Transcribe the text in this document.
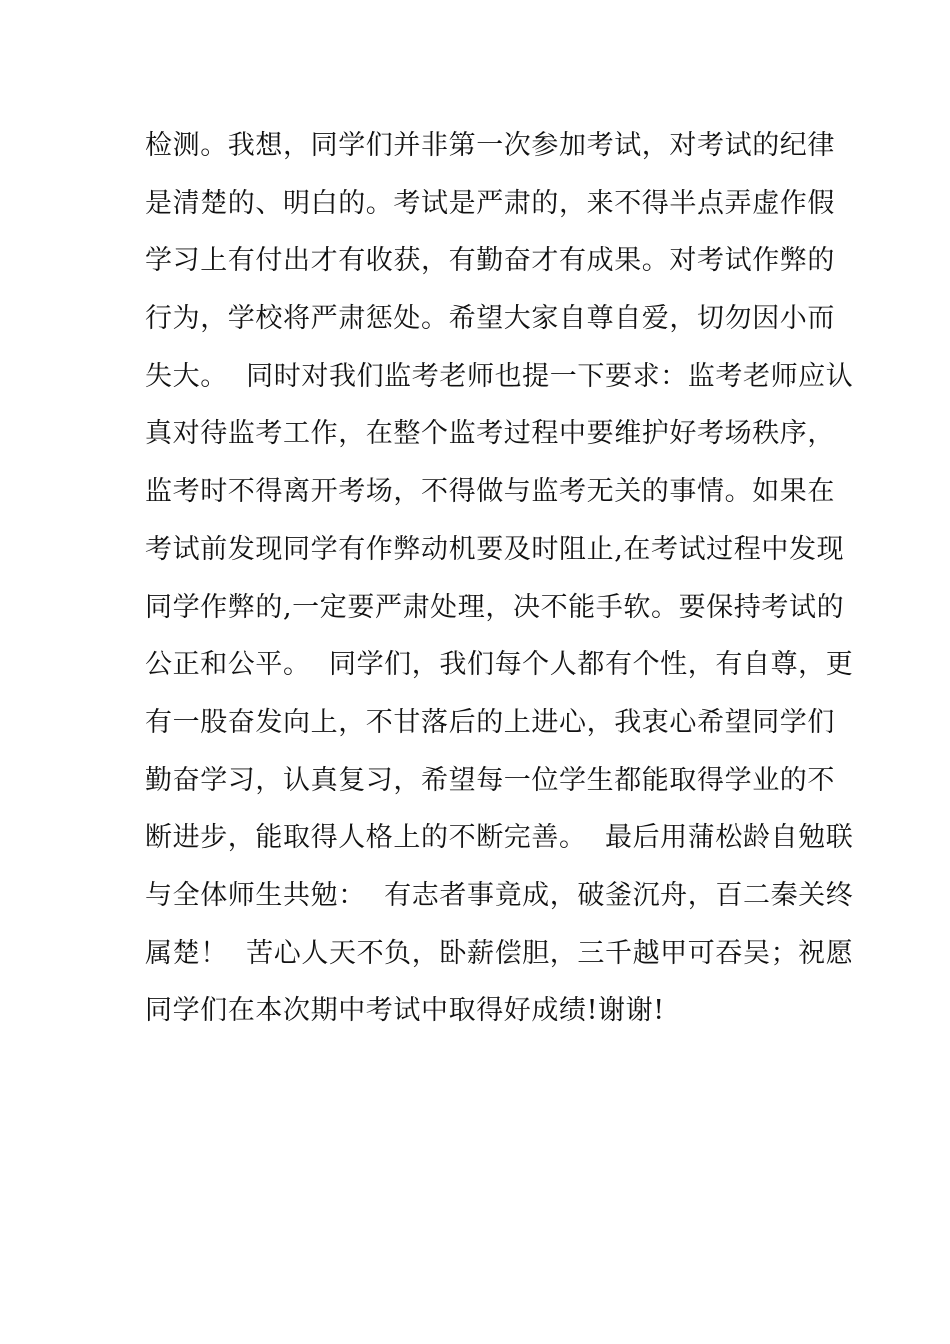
检测。我想，同学们并非第一次参加考试，对考试的纪律
是清楚的、明白的。考试是严肃的，来不得半点弄虚作假
学习上有付出才有收获，有勤奋才有成果。对考试作弊的
行为，学校将严肃惩处。希望大家自尊自爱，切勿因小而
失大。  同时对我们监考老师也提一下要求：监考老师应认
真对待监考工作，在整个监考过程中要维护好考场秩序，
监考时不得离开考场，不得做与监考无关的事情。如果在
考试前发现同学有作弊动机要及时阻止,在考试过程中发现
同学作弊的,一定要严肃处理，决不能手软。要保持考试的
公正和公平。  同学们，我们每个人都有个性，有自尊，更
有一股奋发向上，不甘落后的上进心，我衷心希望同学们
勤奋学习，认真复习，希望每一位学生都能取得学业的不
断进步，能取得人格上的不断完善。  最后用蒲松龄自勉联
与全体师生共勉：  有志者事竟成，破釜沉舟，百二秦关终
属楚！  苦心人天不负，卧薪偿胆，三千越甲可吞吴；祝愿
同学们在本次期中考试中取得好成绩!谢谢!
